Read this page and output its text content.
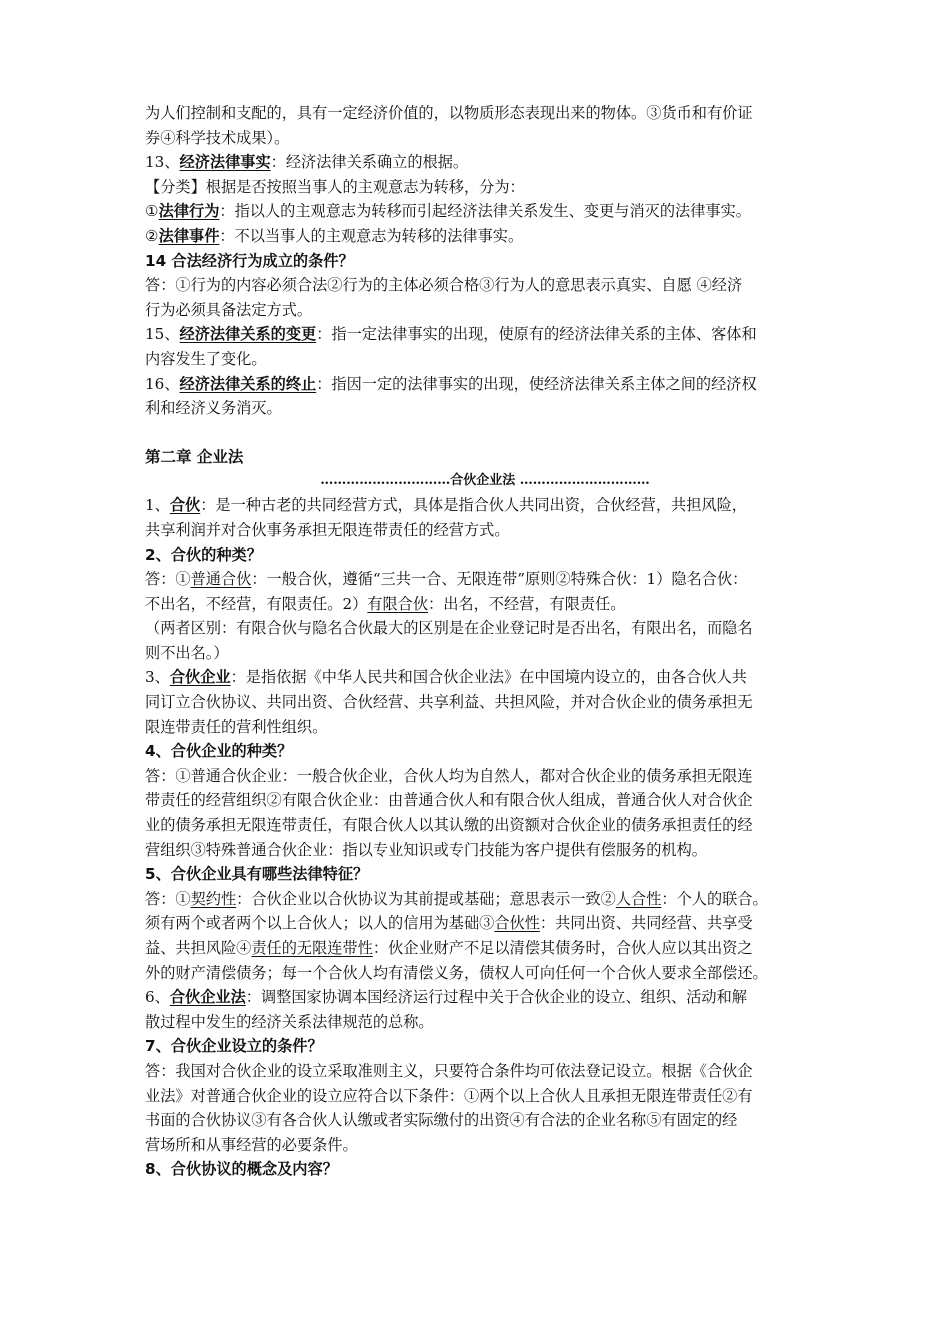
为人们控制和支配的，具有一定经济价值的，以物质形态表现出来的物体。③货币和有价证
券④科学技术成果）。
13、经济法律事实：经济法律关系确立的根据。
【分类】根据是否按照当事人的主观意志为转移，分为：
①法律行为：指以人的主观意志为转移而引起经济法律关系发生、变更与消灭的法律事实。
②法律事件：不以当事人的主观意志为转移的法律事实。
14 合法经济行为成立的条件？
答：①行为的内容必须合法②行为的主体必须合格③行为人的意思表示真实、自愿 ④经济
行为必须具备法定方式。
15、经济法律关系的变更：指一定法律事实的出现，使原有的经济法律关系的主体、客体和
内容发生了变化。
16、经济法律关系的终止：指因一定的法律事实的出现，使经济法律关系主体之间的经济权
利和经济义务消灭。
第二章 企业法
…………………………合伙企业法 …………………………
1、合伙：是一种古老的共同经营方式，具体是指合伙人共同出资，合伙经营，共担风险，
共享利润并对合伙事务承担无限连带责任的经营方式。
2、合伙的种类？
答：①普通合伙：一般合伙，遵循“三共一合、无限连带”原则②特殊合伙：1）隐名合伙：
不出名，不经营，有限责任。2）有限合伙：出名，不经营，有限责任。
（两者区别：有限合伙与隐名合伙最大的区别是在企业登记时是否出名，有限出名，而隐名
则不出名。）
3、合伙企业：是指依据《中华人民共和国合伙企业法》在中国境内设立的，由各合伙人共
同订立合伙协议、共同出资、合伙经营、共享利益、共担风险，并对合伙企业的债务承担无
限连带责任的营利性组织。
4、合伙企业的种类？
答：①普通合伙企业：一般合伙企业，合伙人均为自然人，都对合伙企业的债务承担无限连
带责任的经营组织②有限合伙企业：由普通合伙人和有限合伙人组成，普通合伙人对合伙企
业的债务承担无限连带责任，有限合伙人以其认缴的出资额对合伙企业的债务承担责任的经
营组织③特殊普通合伙企业：指以专业知识或专门技能为客户提供有偿服务的机构。
5、合伙企业具有哪些法律特征？
答：①契约性：合伙企业以合伙协议为其前提或基础；意思表示一致②人合性：个人的联合。
须有两个或者两个以上合伙人；以人的信用为基础③合伙性：共同出资、共同经营、共享受
益、共担风险④责任的无限连带性：伙企业财产不足以清偿其债务时，合伙人应以其出资之
外的财产清偿债务；每一个合伙人均有清偿义务，债权人可向任何一个合伙人要求全部偿还。
6、合伙企业法：调整国家协调本国经济运行过程中关于合伙企业的设立、组织、活动和解
散过程中发生的经济关系法律规范的总称。
7、合伙企业设立的条件？
答：我国对合伙企业的设立采取准则主义，只要符合条件均可依法登记设立。根据《合伙企
业法》对普通合伙企业的设立应符合以下条件：①两个以上合伙人且承担无限连带责任②有
书面的合伙协议③有各合伙人认缴或者实际缴付的出资④有合法的企业名称⑤有固定的经
营场所和从事经营的必要条件。
8、合伙协议的概念及内容？
